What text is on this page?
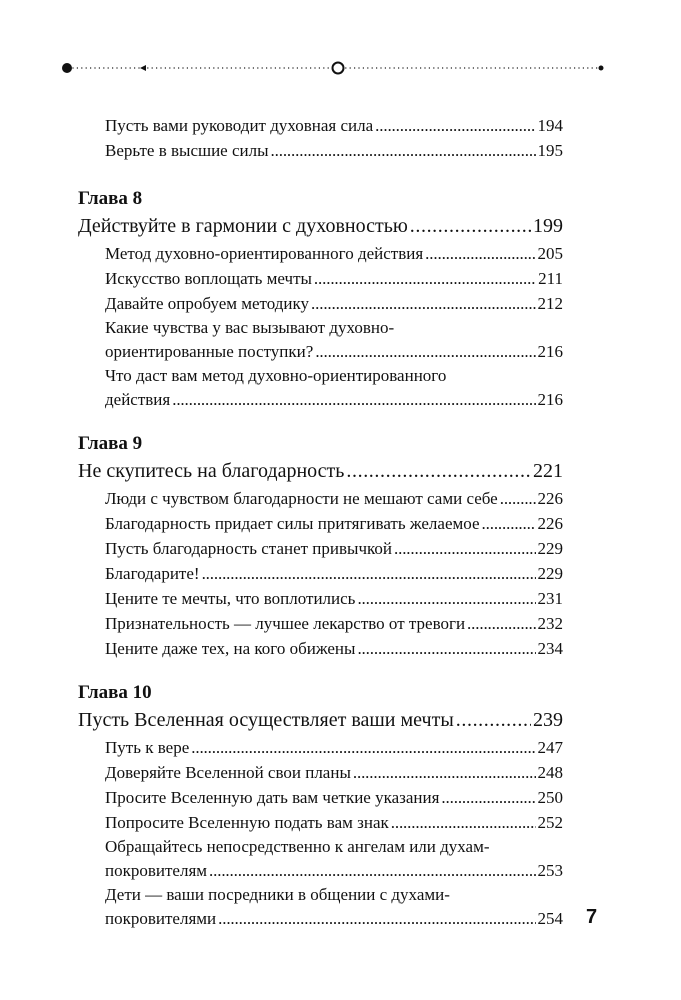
Пусть вами руководит духовная сила . . .	194
Верьте в высшие силы . . .	195
Глава 8
Действуйте в гармонии с духовностью . . .	199
Метод духовно-ориентированного действия . . .	205
Искусство воплощать мечты . . .	211
Давайте опробуем методику . . .	212
Какие чувства у вас вызывают духовно-
ориентированные поступки? . . .	216
Что даст вам метод духовно-ориентированного
действия . . .	216
Глава 9
Не скупитесь на благодарность . . .	221
Люди с чувством благодарности не мешают сами себе . . . 226
Благодарность придает силы притягивать желаемое . . .	226
Пусть благодарность станет привычкой . . .	229
Благодарите! . . .	229
Цените те мечты, что воплотились . . .	231
Признательность — лучшее лекарство от тревоги . . .	232
Цените даже тех, на кого обижены . . .	234
Глава 10
Пусть Вселенная осуществляет ваши мечты . . .	239
Путь к вере . . .	247
Доверяйте Вселенной свои планы . . .	248
Просите Вселенную дать вам четкие указания . . .	250
Попросите Вселенную подать вам знак . . .	252
Обращайтесь непосредственно к ангелам или духам-
покровителям . . .	253
Дети — ваши посредники в общении с духами-
покровителями . . .	254 7
